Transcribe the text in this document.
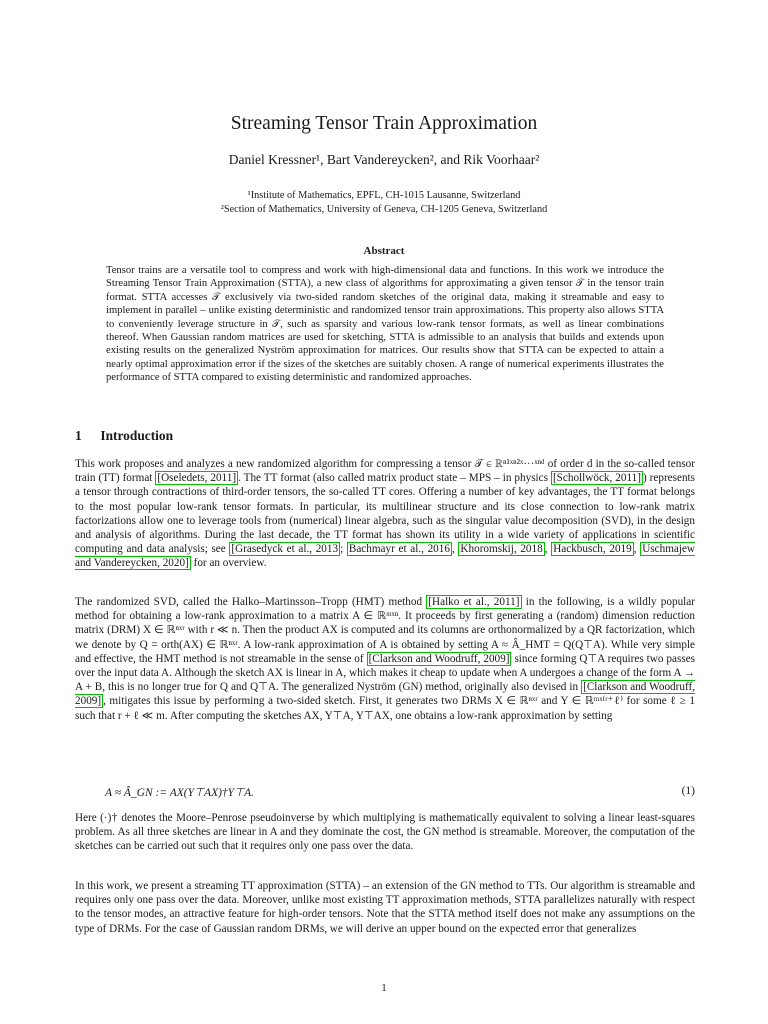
Streaming Tensor Train Approximation
Daniel Kressner¹, Bart Vandereycken², and Rik Voorhaar²
¹Institute of Mathematics, EPFL, CH-1015 Lausanne, Switzerland
²Section of Mathematics, University of Geneva, CH-1205 Geneva, Switzerland
Abstract

Tensor trains are a versatile tool to compress and work with high-dimensional data and functions. In this work we introduce the Streaming Tensor Train Approximation (STTA), a new class of algorithms for approximating a given tensor 𝒯 in the tensor train format. STTA accesses 𝒯 exclusively via two-sided random sketches of the original data, making it streamable and easy to implement in parallel – unlike existing deterministic and randomized tensor train approximations. This property also allows STTA to conveniently leverage structure in 𝒯, such as sparsity and various low-rank tensor formats, as well as linear combinations thereof. When Gaussian random matrices are used for sketching, STTA is admissible to an analysis that builds and extends upon existing results on the generalized Nyström approximation for matrices. Our results show that STTA can be expected to attain a nearly optimal approximation error if the sizes of the sketches are suitably chosen. A range of numerical experiments illustrates the performance of STTA compared to existing deterministic and randomized approaches.

1 Introduction

This work proposes and analyzes a new randomized algorithm for compressing a tensor 𝒯 ∈ ℝⁿ¹ˣⁿ²ˣ···ˣⁿᵈ of order d in the so-called tensor train (TT) format [Oseledets, 2011] . The TT format (also called matrix product state – MPS – in physics [Schollwöck, 2011] ) represents a tensor through contractions of third-order tensors, the so-called TT cores. Offering a number of key advantages, the TT format belongs to the most popular low-rank tensor formats. In particular, its multilinear structure and its close connection to low-rank matrix factorizations allow one to leverage tools from (numerical) linear algebra, such as the singular value decomposition (SVD), in the design and analysis of algorithms. During the last decade, the TT format has shown its utility in a wide variety of applications in scientific computing and data analysis; see [Grasedyck et al., 2013 ; Bachmayr et al., 2016 , Khoromskij, 2018 , Hackbusch, 2019 , Uschmajew and Vandereycken, 2020] for an overview.

The randomized SVD, called the Halko–Martinsson–Tropp (HMT) method [Halko et al., 2011] in the following, is a wildly popular method for obtaining a low-rank approximation to a matrix A ∈ ℝᵐˣⁿ. It proceeds by first generating a (random) dimension reduction matrix (DRM) X ∈ ℝⁿˣʳ with r ≪ n. Then the product AX is computed and its columns are orthonormalized by a QR factorization, which we denote by Q = orth(AX) ∈ ℝⁿˣʳ. A low-rank approximation of A is obtained by setting A ≈ Â_HMT = Q(Q⊤A). While very simple and effective, the HMT method is not streamable in the sense of [Clarkson and Woodruff, 2009] since forming Q⊤A requires two passes over the input data A. Although the sketch AX is linear in A, which makes it cheap to update when A undergoes a change of the form A → A + B, this is no longer true for Q and Q⊤A. The generalized Nyström (GN) method, originally also devised in [Clarkson and Woodruff, 2009] , mitigates this issue by performing a two-sided sketch. First, it generates two DRMs X ∈ ℝⁿˣʳ and Y ∈ ℝᵐˣ⁽ʳ⁺ℓ⁾ for some ℓ ≥ 1 such that r + ℓ ≪ m. After computing the sketches AX, Y⊤A, Y⊤AX, one obtains a low-rank approximation by setting

A ≈ Â_GN := AX(Y⊤AX)†Y⊤A.	(1)

Here (·)† denotes the Moore–Penrose pseudoinverse by which multiplying is mathematically equivalent to solving a linear least-squares problem. As all three sketches are linear in A and they dominate the cost, the GN method is streamable. Moreover, the computation of the sketches can be carried out such that it requires only one pass over the data.

In this work, we present a streaming TT approximation (STTA) – an extension of the GN method to TTs. Our algorithm is streamable and requires only one pass over the data. Moreover, unlike most existing TT approximation methods, STTA parallelizes naturally with respect to the tensor modes, an attractive feature for high-order tensors. Note that the STTA method itself does not make any assumptions on the type of DRMs. For the case of Gaussian random DRMs, we will derive an upper bound on the expected error that generalizes

1
